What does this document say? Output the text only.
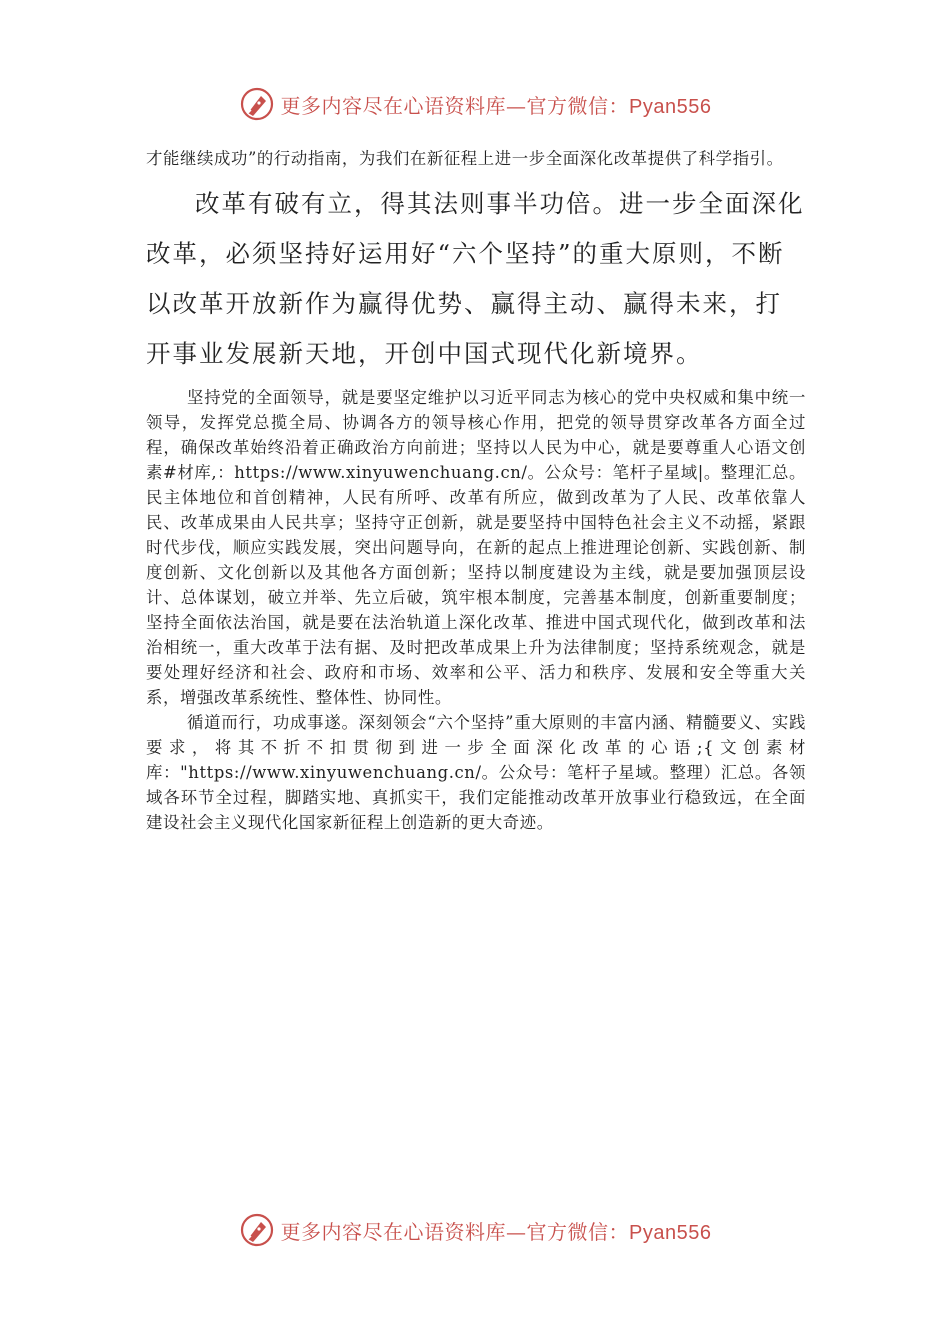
更多内容尽在心语资料库—官方微信：Pyan556

才能继续成功”的行动指南，为我们在新征程上进一步全面深化改革提供了科学指引。

改革有破有立，得其法则事半功倍。进一步全面深化改革，必须坚持好运用好“六个坚持”的重大原则，不断以改革开放新作为赢得优势、赢得主动、赢得未来，打开事业发展新天地，开创中国式现代化新境界。

坚持党的全面领导，就是要坚定维护以习近平同志为核心的党中央权威和集中统一领导，发挥党总揽全局、协调各方的领导核心作用，把党的领导贯穿改革各方面全过程，确保改革始终沿着正确政治方向前进；坚持以人民为中心，就是要尊重人心语文创素#材库,：https://www.xinyuwenchuang.cn/。公众号：笔杆子星域|。整理汇总。民主体地位和首创精神，人民有所呼、改革有所应，做到改革为了人民、改革依靠人民、改革成果由人民共享；坚持守正创新，就是要坚持中国特色社会主义不动摇，紧跟时代步伐，顺应实践发展，突出问题导向，在新的起点上推进理论创新、实践创新、制度创新、文化创新以及其他各方面创新；坚持以制度建设为主线，就是要加强顶层设计、总体谋划，破立并举、先立后破，筑牢根本制度，完善基本制度，创新重要制度；坚持全面依法治国，就是要在法治轨道上深化改革、推进中国式现代化，做到改革和法治相统一，重大改革于法有据、及时把改革成果上升为法律制度；坚持系统观念，就是要处理好经济和社会、政府和市场、效率和公平、活力和秩序、发展和安全等重大关系，增强改革系统性、整体性、协同性。

循道而行，功成事遂。深刻领会“六个坚持”重大原则的丰富内涵、精髓要义、实践要求，将其不折不扣贯彻到进一步全面深化改革的心语;{文创素材库："https://www.xinyuwenchuang.cn/。公众号：笔杆子星域。整理）汇总。各领域各环节全过程，脚踏实地、真抓实干，我们定能推动改革开放事业行稳致远，在全面建设社会主义现代化国家新征程上创造新的更大奇迹。

更多内容尽在心语资料库—官方微信：Pyan556
